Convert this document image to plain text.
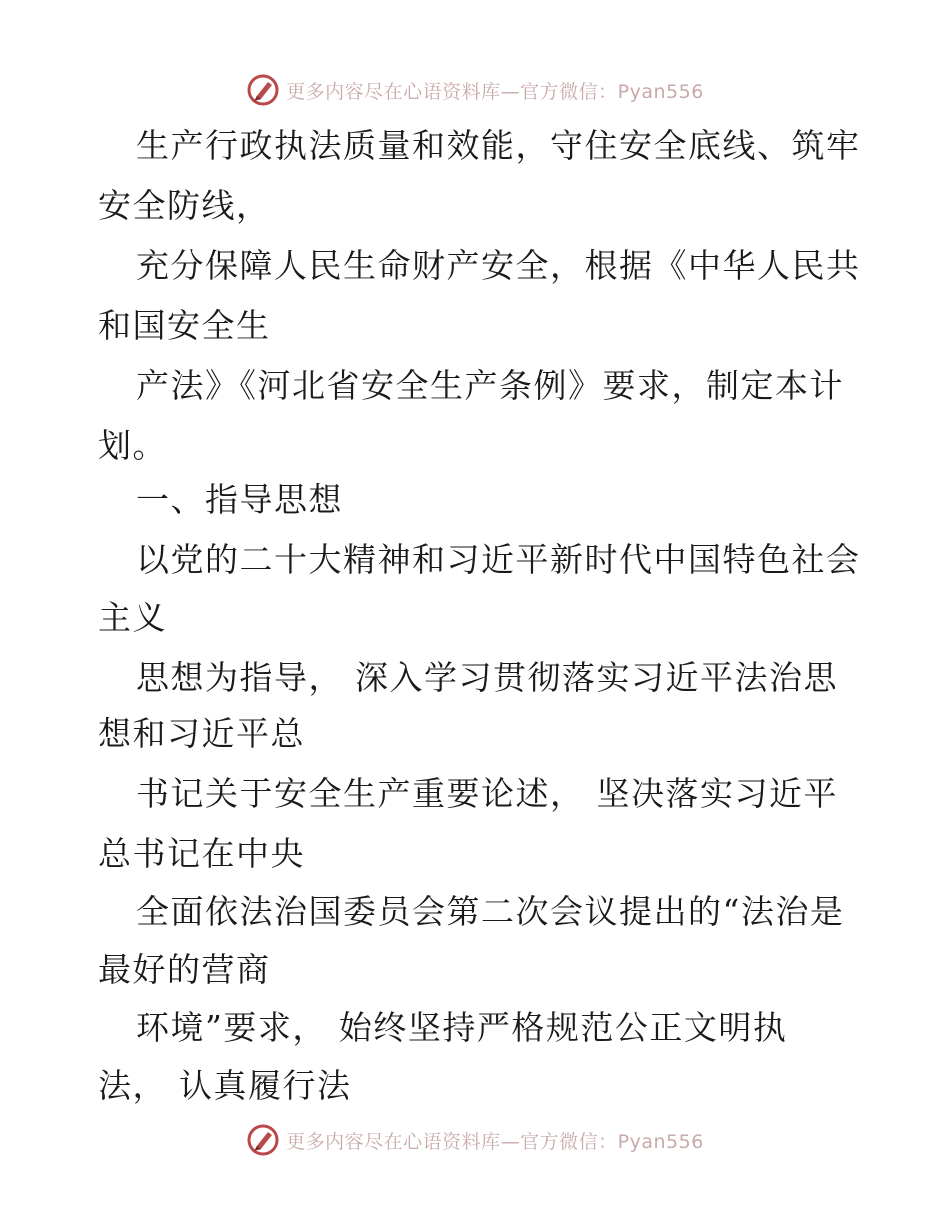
更多内容尽在心语资料库—官方微信：Pyan556
生产行政执法质量和效能，守住安全底线、筑牢
安全防线，
充分保障人民生命财产安全，根据《中华人民共
和国安全生
产法》《河北省安全生产条例》要求，制定本计
划。
一、指导思想
以党的二十大精神和习近平新时代中国特色社会
主义
思想为指导， 深入学习贯彻落实习近平法治思
想和习近平总
书记关于安全生产重要论述， 坚决落实习近平
总书记在中央
全面依法治国委员会第二次会议提出的“法治是
最好的营商
环境”要求， 始终坚持严格规范公正文明执
法， 认真履行法
更多内容尽在心语资料库—官方微信：Pyan556
